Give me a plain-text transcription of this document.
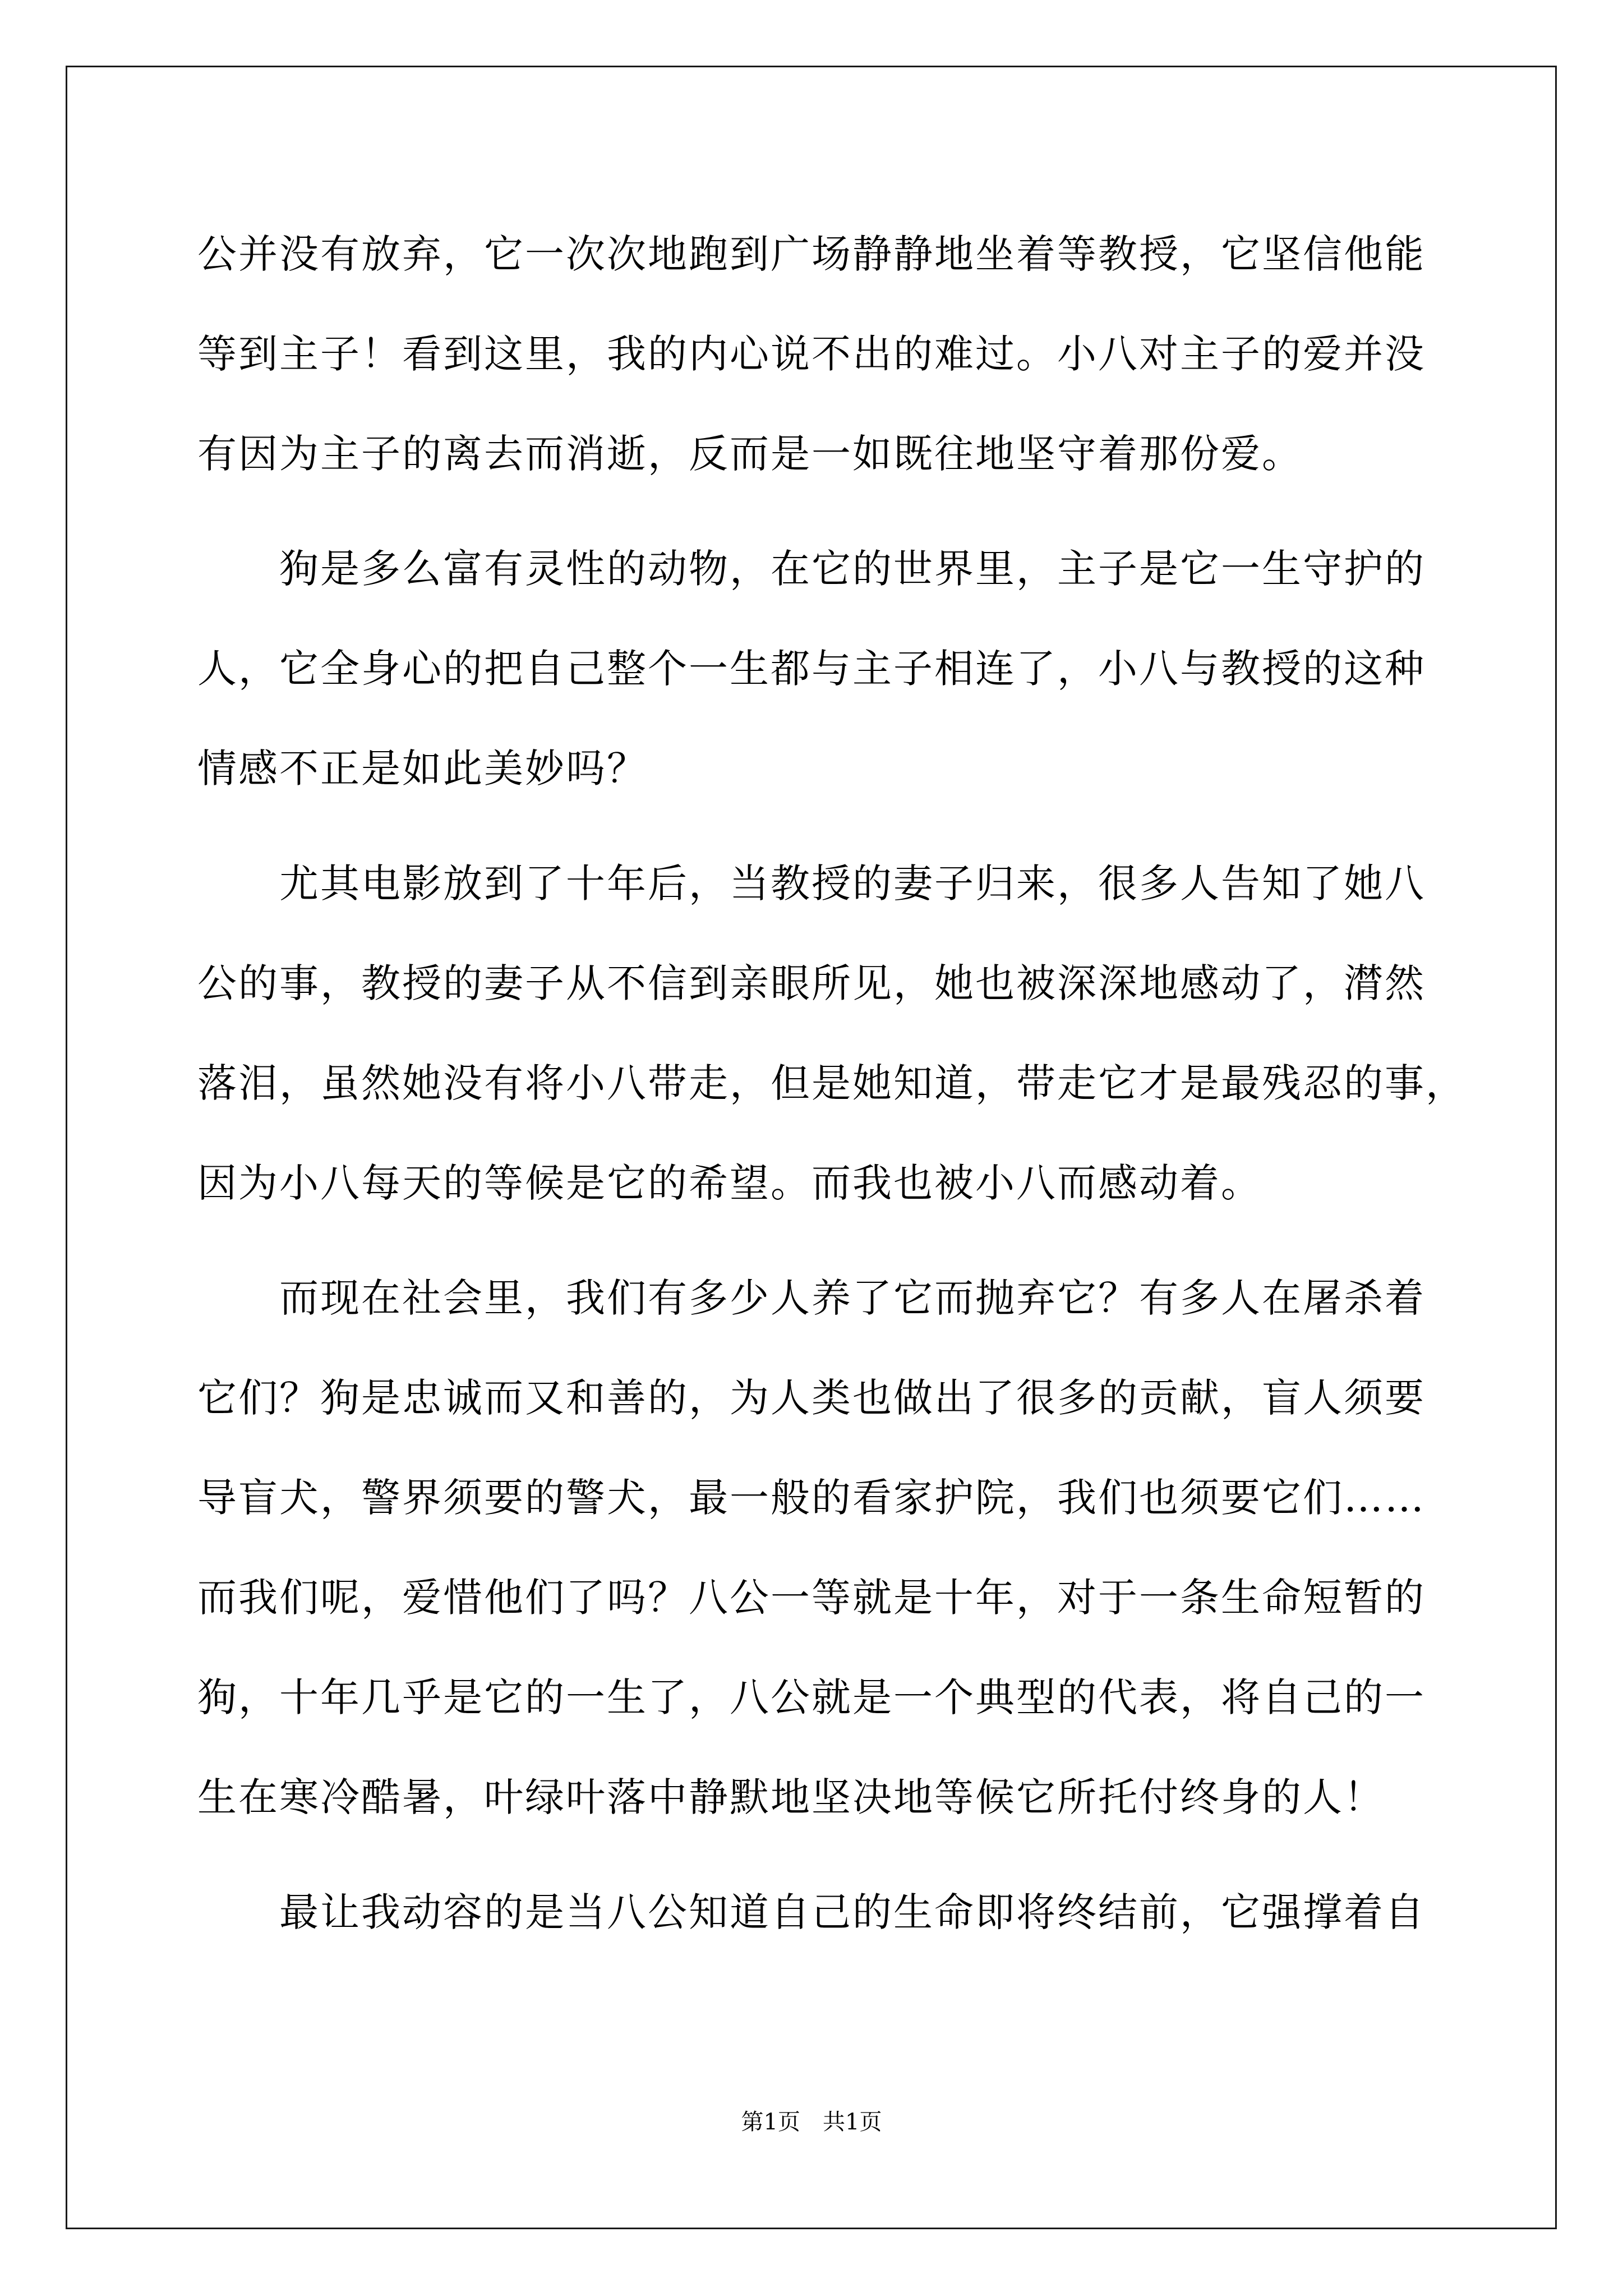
公并没有放弃，它一次次地跑到广场静静地坐着等教授，它坚信他能
等到主子！看到这里，我的内心说不出的难过。小八对主子的爱并没
有因为主子的离去而消逝，反而是一如既往地坚守着那份爱。
　　狗是多么富有灵性的动物，在它的世界里，主子是它一生守护的
人，它全身心的把自己整个一生都与主子相连了，小八与教授的这种
情感不正是如此美妙吗？
　　尤其电影放到了十年后，当教授的妻子归来，很多人告知了她八
公的事，教授的妻子从不信到亲眼所见，她也被深深地感动了，潸然
落泪，虽然她没有将小八带走，但是她知道，带走它才是最残忍的事，
因为小八每天的等候是它的希望。而我也被小八而感动着。
　　而现在社会里，我们有多少人养了它而抛弃它？有多人在屠杀着
它们？狗是忠诚而又和善的，为人类也做出了很多的贡献，盲人须要
导盲犬，警界须要的警犬，最一般的看家护院，我们也须要它们……
而我们呢，爱惜他们了吗？八公一等就是十年，对于一条生命短暂的
狗，十年几乎是它的一生了，八公就是一个典型的代表，将自己的一
生在寒冷酷暑，叶绿叶落中静默地坚决地等候它所托付终身的人！
　　最让我动容的是当八公知道自己的生命即将终结前，它强撑着自
第1页　共1页
